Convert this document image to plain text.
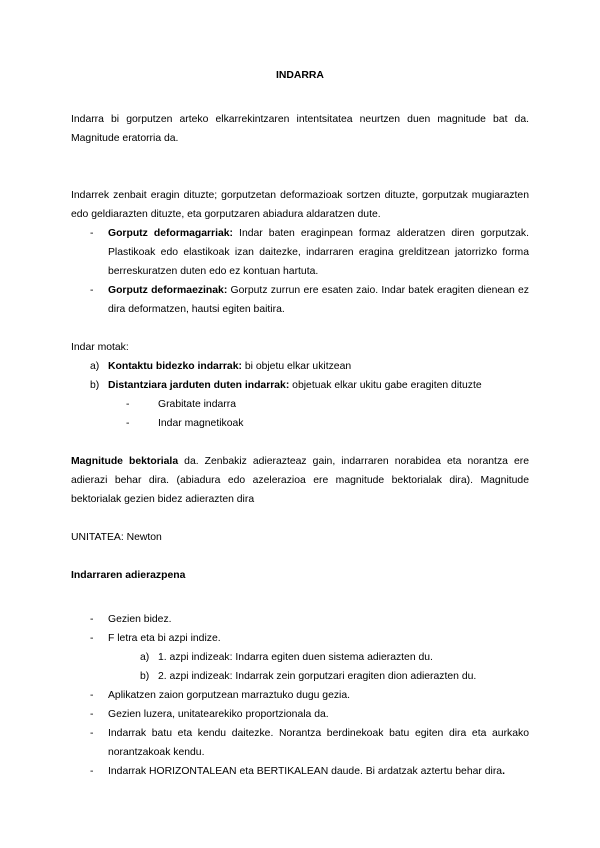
INDARRA

Indarra bi gorputzen arteko elkarrekintzaren intentsitatea neurtzen duen magnitude bat da. Magnitude eratorria da.

Indarrek zenbait eragin dituzte; gorputzetan deformazioak sortzen dituzte, gorputzak mugiarazten edo geldiarazten dituzte, eta gorputzaren abiadura aldaratzen dute.

- Gorputz deformagarriak: Indar baten eraginpean formaz alderatzen diren gorputzak. Plastikoak edo elastikoak izan daitezke, indarraren eragina grelditzean jatorrizko forma berreskuratzen duten edo ez kontuan hartuta.
- Gorputz deformaezinak: Gorputz zurrun ere esaten zaio. Indar batek eragiten dienean ez dira deformatzen, hautsi egiten baitira.

Indar motak:

a) Kontaktu bidezko indarrak: bi objetu elkar ukitzean
b) Distantziara jarduten duten indarrak: objetuak elkar ukitu gabe eragiten dituzte
-	Grabitate indarra
-	Indar magnetikoak

Magnitude bektoriala da. Zenbakiz adierazteaz gain, indarraren norabidea eta norantza ere adierazi behar dira. (abiadura edo azelerazioa ere magnitude bektorialak dira). Magnitude bektorialak gezien bidez adierazten dira

UNITATEA: Newton

Indarraren adierazpena

- Gezien bidez.
- F letra eta bi azpi indize.
a) 1. azpi indizeak: Indarra egiten duen sistema adierazten du.
b) 2. azpi indizeak: Indarrak zein gorputzari eragiten dion adierazten du.
- Aplikatzen zaion gorputzean marraztuko dugu gezia.
- Gezien luzera, unitatearekiko proportzionala da.
- Indarrak batu eta kendu daitezke. Norantza berdinekoak batu egiten dira eta aurkako norantzakoak kendu.
- Indarrak HORIZONTALEAN eta BERTIKALEAN daude. Bi ardatzak aztertu behar dira.
